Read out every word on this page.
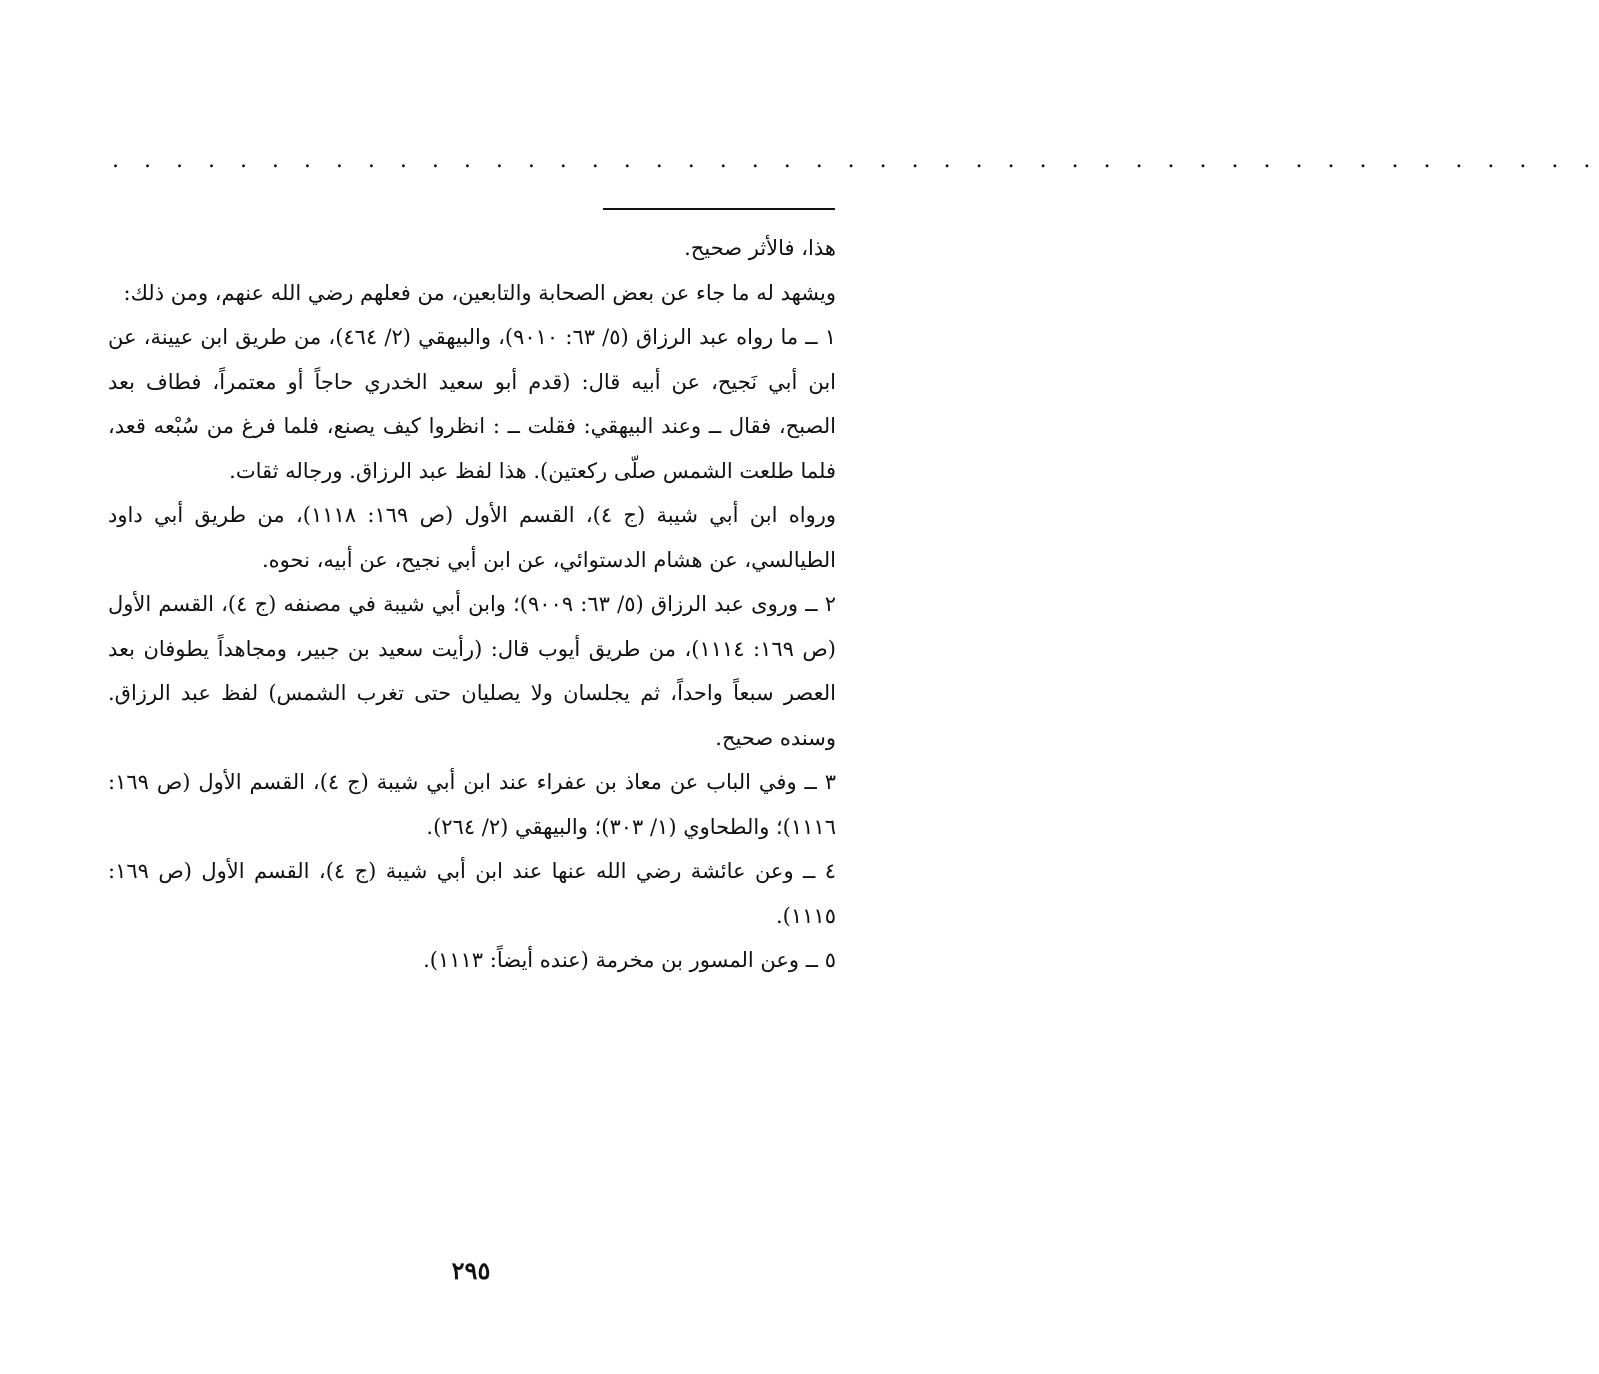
. . . . . . . . . . . . . . . . . . . . . . . . . . . . . . . . . . . . . . . . . . . . . . .

هذا، فالأثر صحيح.

ويشهد له ما جاء عن بعض الصحابة والتابعين، من فعلهم رضي الله عنهم، ومن ذلك:

١ ــ ما رواه عبد الرزاق (٥/ ٦٣: ٩٠١٠)، والبيهقي (٢/ ٤٦٤)، من طريق ابن عيينة، عن ابن أبي نَجيح، عن أبيه قال: (قدم أبو سعيد الخدري حاجاً أو معتمراً، فطاف بعد الصبح، فقال ــ وعند البيهقي: فقلت ــ : انظروا كيف يصنع، فلما فرغ من سُبْعه قعد، فلما طلعت الشمس صلّى ركعتين). هذا لفظ عبد الرزاق. ورجاله ثقات.

ورواه ابن أبي شيبة (ج ٤)، القسم الأول (ص ١٦٩: ١١١٨)، من طريق أبي داود الطيالسي، عن هشام الدستوائي، عن ابن أبي نجيح، عن أبيه، نحوه.

٢ ــ وروى عبد الرزاق (٥/ ٦٣: ٩٠٠٩)؛ وابن أبي شيبة في مصنفه (ج ٤)، القسم الأول (ص ١٦٩: ١١١٤)، من طريق أيوب قال: (رأيت سعيد بن جبير، ومجاهداً يطوفان بعد العصر سبعاً واحداً، ثم يجلسان ولا يصليان حتى تغرب الشمس) لفظ عبد الرزاق. وسنده صحيح.

٣ ــ وفي الباب عن معاذ بن عفراء عند ابن أبي شيبة (ج ٤)، القسم الأول (ص ١٦٩: ١١١٦)؛ والطحاوي (١/ ٣٠٣)؛ والبيهقي (٢/ ٢٦٤).

٤ ــ وعن عائشة رضي الله عنها عند ابن أبي شيبة (ج ٤)، القسم الأول (ص ١٦٩: ١١١٥).

٥ ــ وعن المسور بن مخرمة (عنده أيضاً: ١١١٣).

٢٩٥
